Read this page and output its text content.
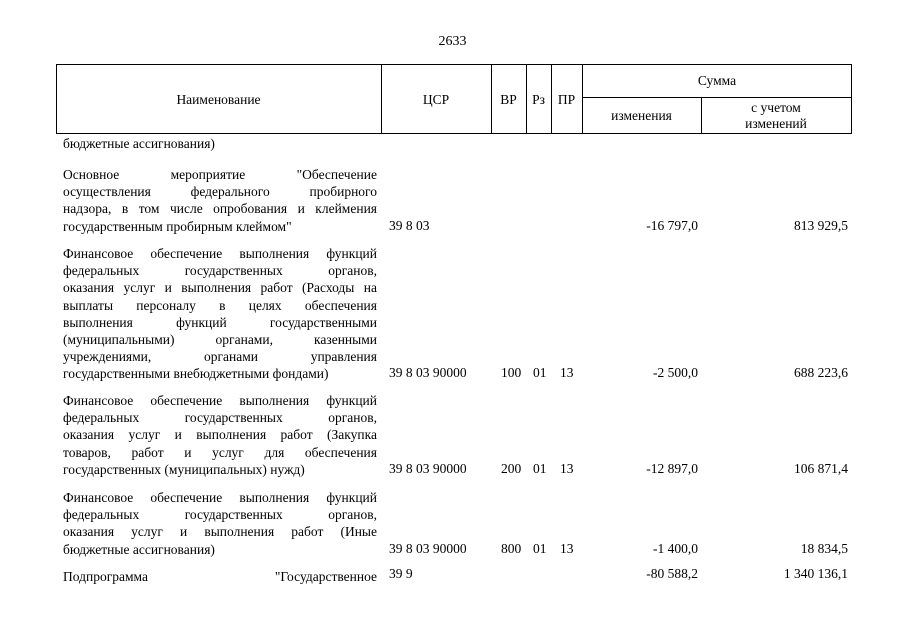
2633
Наименование	ЦСР	ВР	Рз ПР
Сумма
изменения
с учетом
изменений
бюджетные ассигнования)
Основное мероприятие "Обеспечение
осуществления федерального пробирного
надзора, в том числе опробования и клеймения
государственным пробирным клеймом"	39 8 03	-16 797,0	813 929,5
Финансовое обеспечение выполнения функций
федеральных государственных органов,
оказания услуг и выполнения работ (Расходы на
выплаты персоналу в целях обеспечения
выполнения функций государственными
(муниципальными) органами, казенными
учреждениями, органами управления
государственными внебюджетными фондами)	39 8 03 90000	100 01 13	-2 500,0	688 223,6
Финансовое обеспечение выполнения функций
федеральных государственных органов,
оказания услуг и выполнения работ (Закупка
товаров, работ и услуг для обеспечения
государственных (муниципальных) нужд)	39 8 03 90000	200 01 13	-12 897,0	106 871,4
Финансовое обеспечение выполнения функций
федеральных государственных органов,
оказания услуг и выполнения работ (Иные
бюджетные ассигнования)	39 8 03 90000	800 01 13	-1 400,0	18 834,5
Подпрограмма "Государственное 39 9	-80 588,2	1 340 136,1
